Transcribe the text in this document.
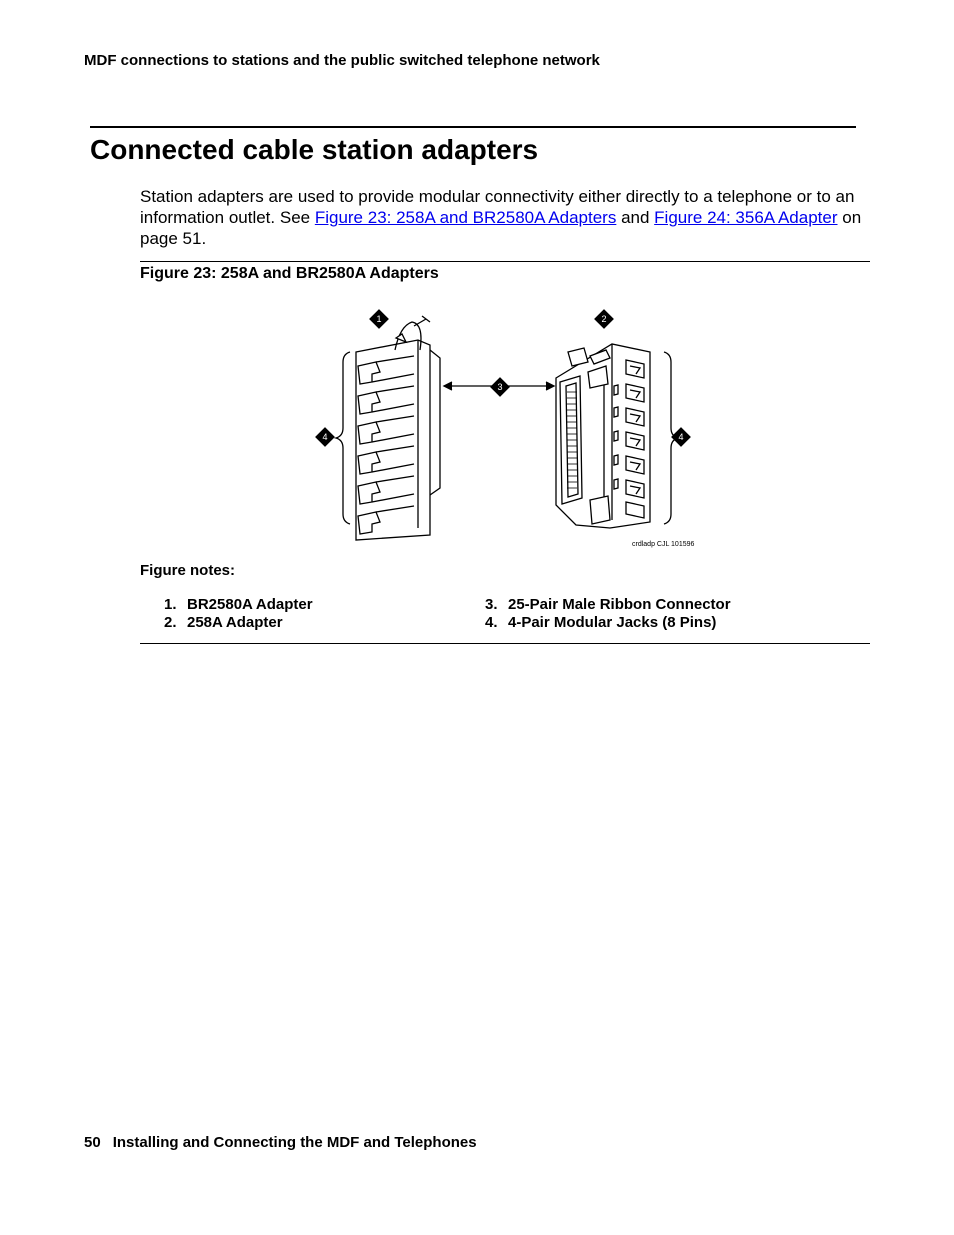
MDF connections to stations and the public switched telephone network
Connected cable station adapters

Station adapters are used to provide modular connectivity either directly to a telephone or to an information outlet. See Figure 23: 258A and BR2580A Adapters and Figure 24: 356A Adapter on page 51.

Figure 23: 258A and BR2580A Adapters
1	2
3
4	4
crdladp CJL 101596
Figure notes:
1. BR2580A Adapter
2. 258A Adapter
3. 25-Pair Male Ribbon Connector
4. 4-Pair Modular Jacks (8 Pins)
50 Installing and Connecting the MDF and Telephones
